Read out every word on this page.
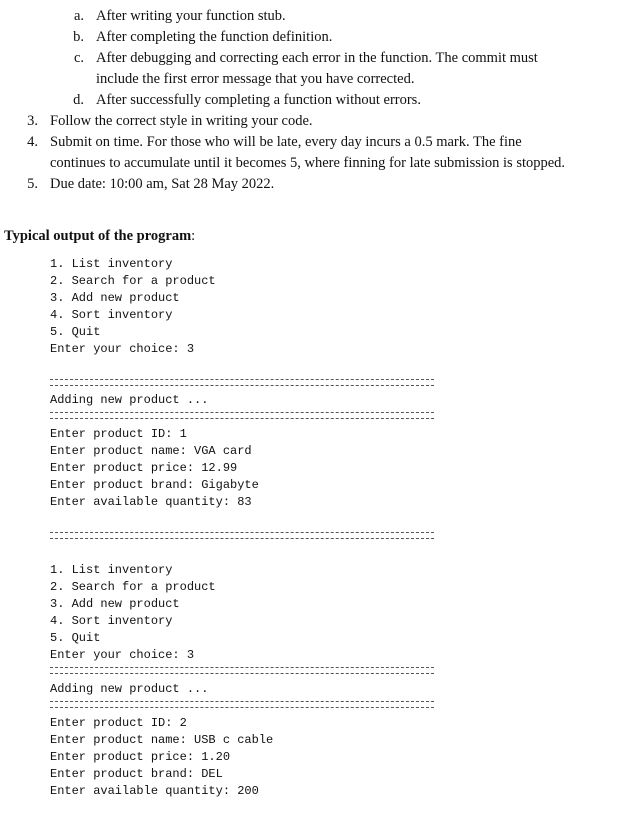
a. After writing your function stub.
b. After completing the function definition.
c. After debugging and correcting each error in the function. The commit must
include the first error message that you have corrected.
d. After successfully completing a function without errors.
3. Follow the correct style in writing your code.
4. Submit on time. For those who will be late, every day incurs a 0.5 mark. The fine
continues to accumulate until it becomes 5, where finning for late submission is stopped.
5. Due date: 10:00 am, Sat 28 May 2022.
Typical output of the program:

1. List inventory

2. Search for a product

3. Add new product

4. Sort inventory

5. Quit

Enter your choice: 3

Adding new product ...

Enter product ID: 1

Enter product name: VGA card

Enter product price: 12.99

Enter product brand: Gigabyte

Enter available quantity: 83

1. List inventory

2. Search for a product

3. Add new product

4. Sort inventory

5. Quit

Enter your choice: 3

Adding new product ...

Enter product ID: 2

Enter product name: USB c cable

Enter product price: 1.20

Enter product brand: DEL

Enter available quantity: 200
